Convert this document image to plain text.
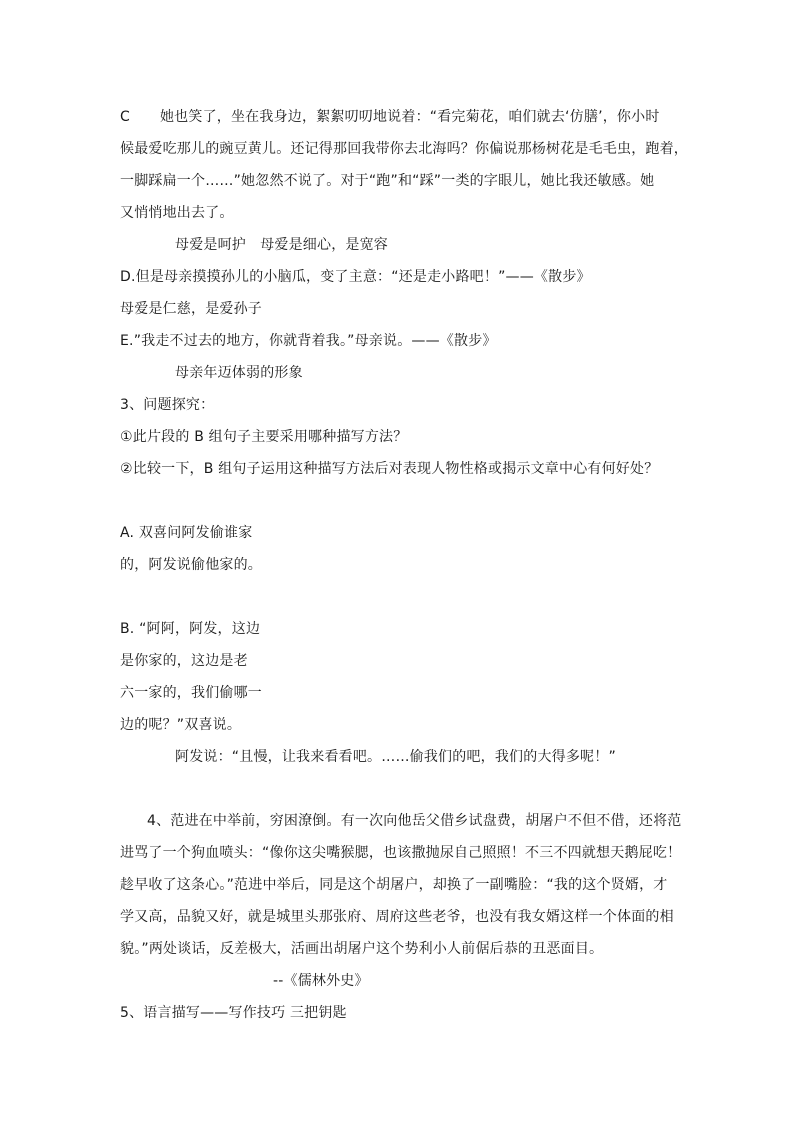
C 她也笑了，坐在我身边，絮絮叨叨地说着：“看完菊花，咱们就去‘仿膳’，你小时
候最爱吃那儿的豌豆黄儿。还记得那回我带你去北海吗？你偏说那杨树花是毛毛虫，跑着，
一脚踩扁一个……”她忽然不说了。对于“跑”和“踩”一类的字眼儿，她比我还敏感。她
又悄悄地出去了。
母爱是呵护　母爱是细心，是宽容
D.但是母亲摸摸孙儿的小脑瓜，变了主意：“还是走小路吧！”——《散步》
母爱是仁慈，是爱孙子
E.”我走不过去的地方，你就背着我。”母亲说。——《散步》
母亲年迈体弱的形象
3、问题探究：
①此片段的 B 组句子主要采用哪种描写方法？
②比较一下，B 组句子运用这种描写方法后对表现人物性格或揭示文章中心有何好处？
A. 双喜问阿发偷谁家
的，阿发说偷他家的。
B. “阿阿，阿发，这边
是你家的，这边是老
六一家的，我们偷哪一
边的呢？”双喜说。
阿发说：“且慢，让我来看看吧。……偷我们的吧，我们的大得多呢！”
4、范进在中举前，穷困潦倒。有一次向他岳父借乡试盘费，胡屠户不但不借，还将范
进骂了一个狗血喷头：“像你这尖嘴猴腮，也该撒抛尿自己照照！不三不四就想天鹅屁吃！
趁早收了这条心。”范进中举后，同是这个胡屠户，却换了一副嘴脸：“我的这个贤婿，才
学又高，品貌又好，就是城里头那张府、周府这些老爷，也没有我女婿这样一个体面的相
貌。”两处谈话，反差极大，活画出胡屠户这个势利小人前倨后恭的丑恶面目。
--《儒林外史》
5、语言描写——写作技巧 三把钥匙
